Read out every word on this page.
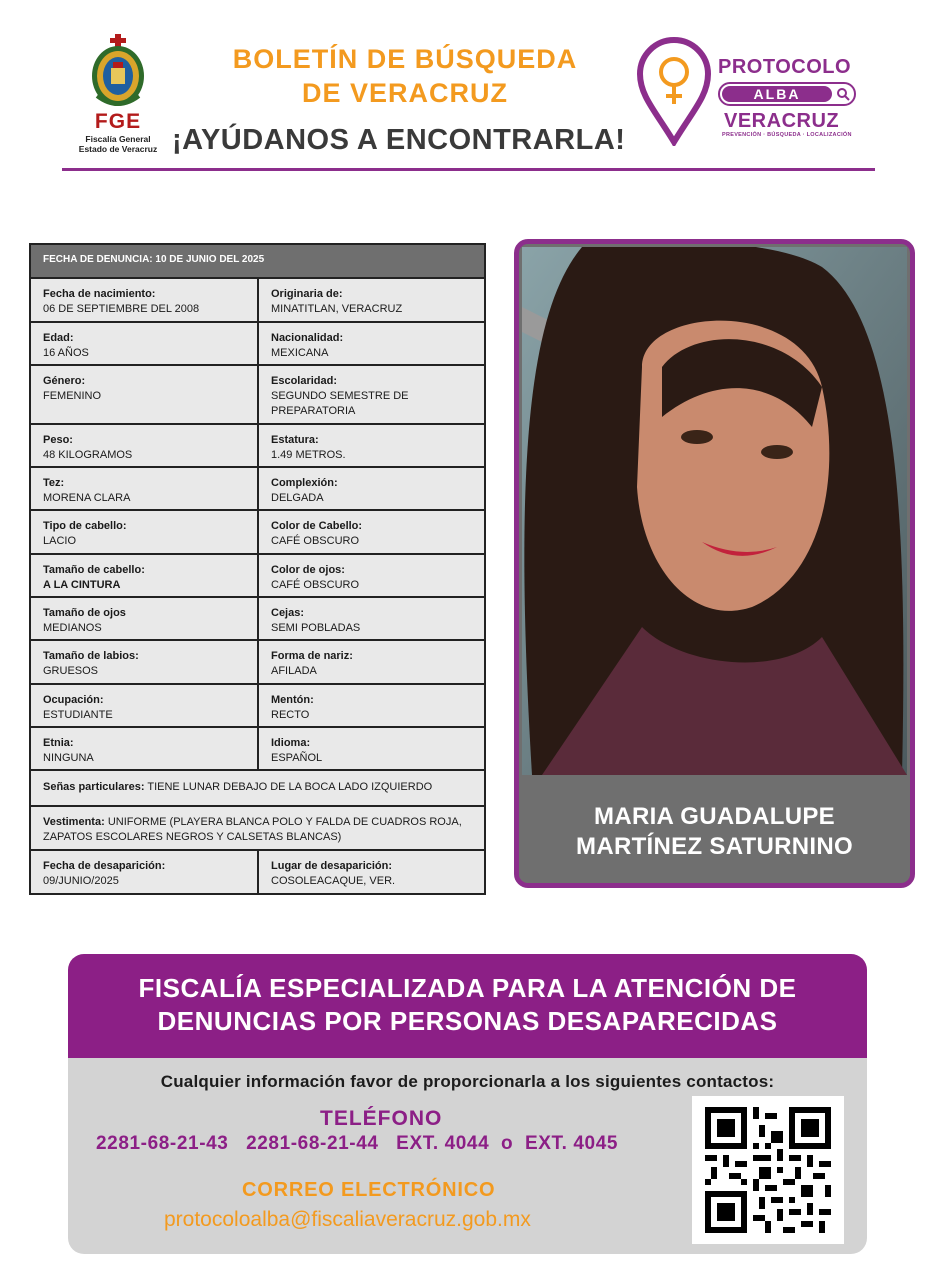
FGE
Fiscalía General
Estado de Veracruz
BOLETÍN DE BÚSQUEDA
DE VERACRUZ
¡AYÚDANOS A ENCONTRARLA!
PROTOCOLO
ALBA
VERACRUZ
PREVENCIÓN · BÚSQUEDA · LOCALIZACIÓN
FECHA DE DENUNCIA: 10 DE JUNIO DEL 2025
Fecha de nacimiento:
06 DE SEPTIEMBRE DEL 2008
Originaria de:
MINATITLAN, VERACRUZ
Edad:
16 AÑOS
Nacionalidad:
MEXICANA
Género:
FEMENINO
Escolaridad:
SEGUNDO SEMESTRE DE PREPARATORIA
Peso:
48 KILOGRAMOS
Estatura:
1.49 METROS.
Tez:
MORENA CLARA
Complexión:
DELGADA
Tipo de cabello:
LACIO
Color de Cabello:
CAFÉ OBSCURO
Tamaño de cabello:
A LA CINTURA
Color de ojos:
CAFÉ OBSCURO
Tamaño de ojos
MEDIANOS
Cejas:
SEMI POBLADAS
Tamaño de labios:
GRUESOS
Forma de nariz:
AFILADA
Ocupación:
ESTUDIANTE
Mentón:
RECTO
Etnia:
NINGUNA
Idioma:
ESPAÑOL
Señas particulares: TIENE LUNAR DEBAJO DE LA BOCA LADO IZQUIERDO
Vestimenta: UNIFORME (PLAYERA BLANCA POLO Y FALDA DE CUADROS ROJA, ZAPATOS ESCOLARES NEGROS Y CALSETAS BLANCAS)
Fecha de desaparición:
09/JUNIO/2025
Lugar de desaparición:
COSOLEACAQUE, VER.
MARIA GUADALUPE
MARTÍNEZ SATURNINO
FISCALÍA ESPECIALIZADA PARA LA ATENCIÓN DE
DENUNCIAS POR PERSONAS DESAPARECIDAS
Cualquier información favor de proporcionarla a los siguientes contactos:
TELÉFONO
2281-68-21-43   2281-68-21-44   EXT. 4044  o  EXT. 4045
CORREO ELECTRÓNICO
protocoloalba@fiscaliaveracruz.gob.mx
